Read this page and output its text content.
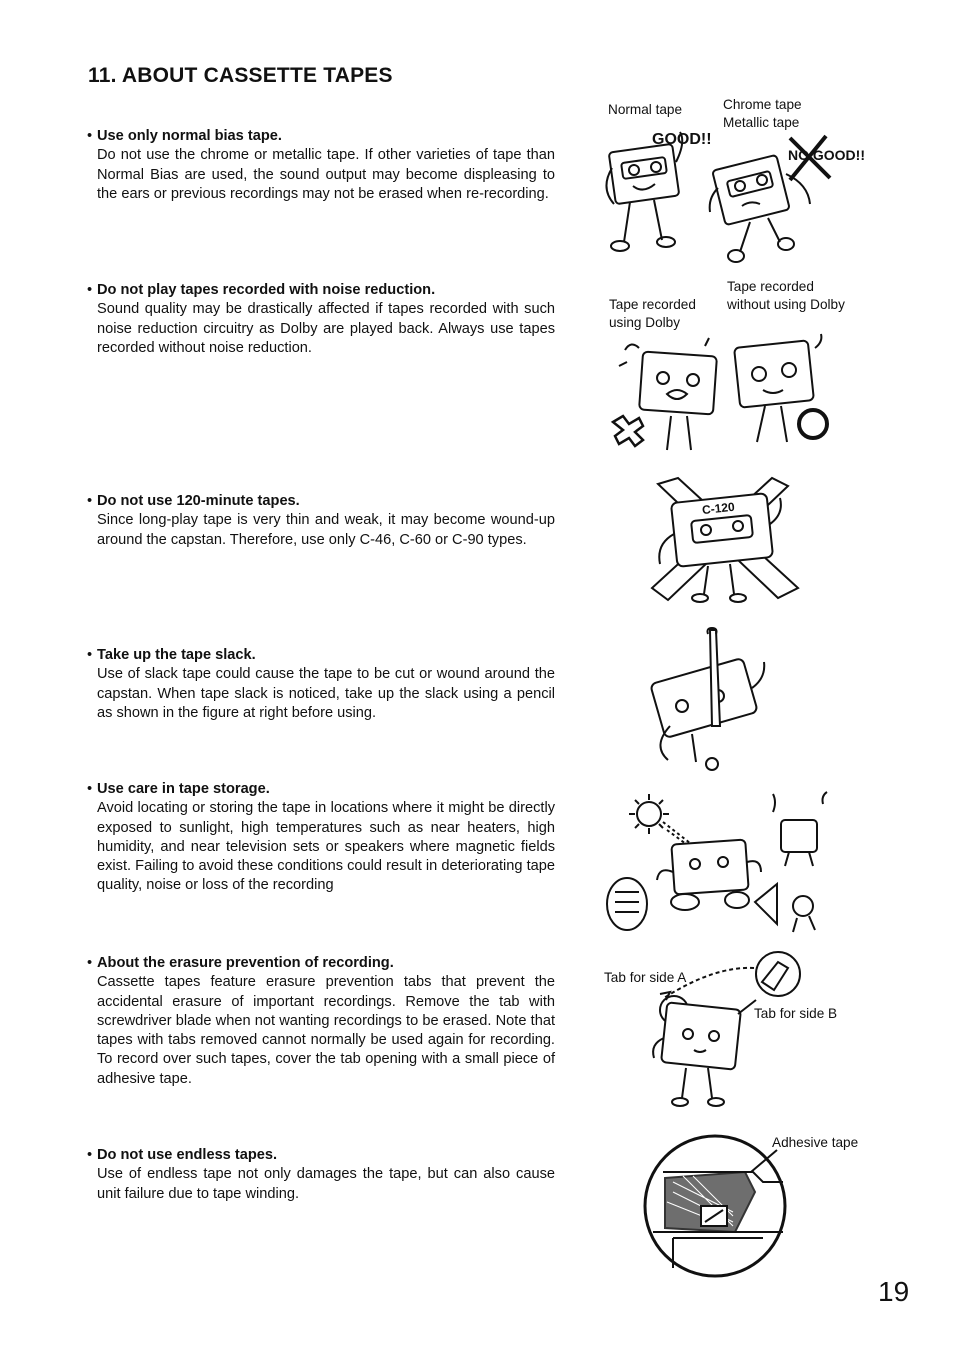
11. ABOUT CASSETTE TAPES
• Use only normal bias tape.
Do not use the chrome or metallic tape. If other varieties of tape than Normal Bias are used, the sound output may become displeasing to the ears or previous recordings may not be erased when re-recording.
• Do not play tapes recorded with noise reduction.
Sound quality may be drastically affected if tapes recorded with such noise reduction circuitry as Dolby are played back. Always use tapes recorded without noise reduction.
• Do not use 120-minute tapes.
Since long-play tape is very thin and weak, it may become wound-up around the capstan. Therefore, use only C-46, C-60 or C-90 types.
• Take up the tape slack.
Use of slack tape could cause the tape to be cut or wound around the capstan. When tape slack is noticed, take up the slack using a pencil as shown in the figure at right before using.
• Use care in tape storage.
Avoid locating or storing the tape in locations where it might be directly exposed to sunlight, high temperatures such as near heaters, high humidity, and near television sets or speakers where magnetic fields exist. Failing to avoid these conditions could result in deteriorating tape quality, noise or loss of the recording
• About the erasure prevention of recording.
Cassette tapes feature erasure prevention tabs that prevent the accidental erasure of important recordings. Remove the tab with screwdriver blade when not wanting recordings to be erased. Note that tapes with tabs removed cannot normally be used again for recording. To record over such tapes, cover the tab opening with a small piece of adhesive tape.
• Do not use endless tapes.
Use of endless tape not only damages the tape, but can also cause unit failure due to tape winding.
Normal tape	Chrome tape
Metallic tape
Tape recorded
using Dolby
Tape recorded
without using Dolby
Tab for side A
Tab for side B
Adhesive tape
GOOD!!
NO GOOD!!
C-120
19
